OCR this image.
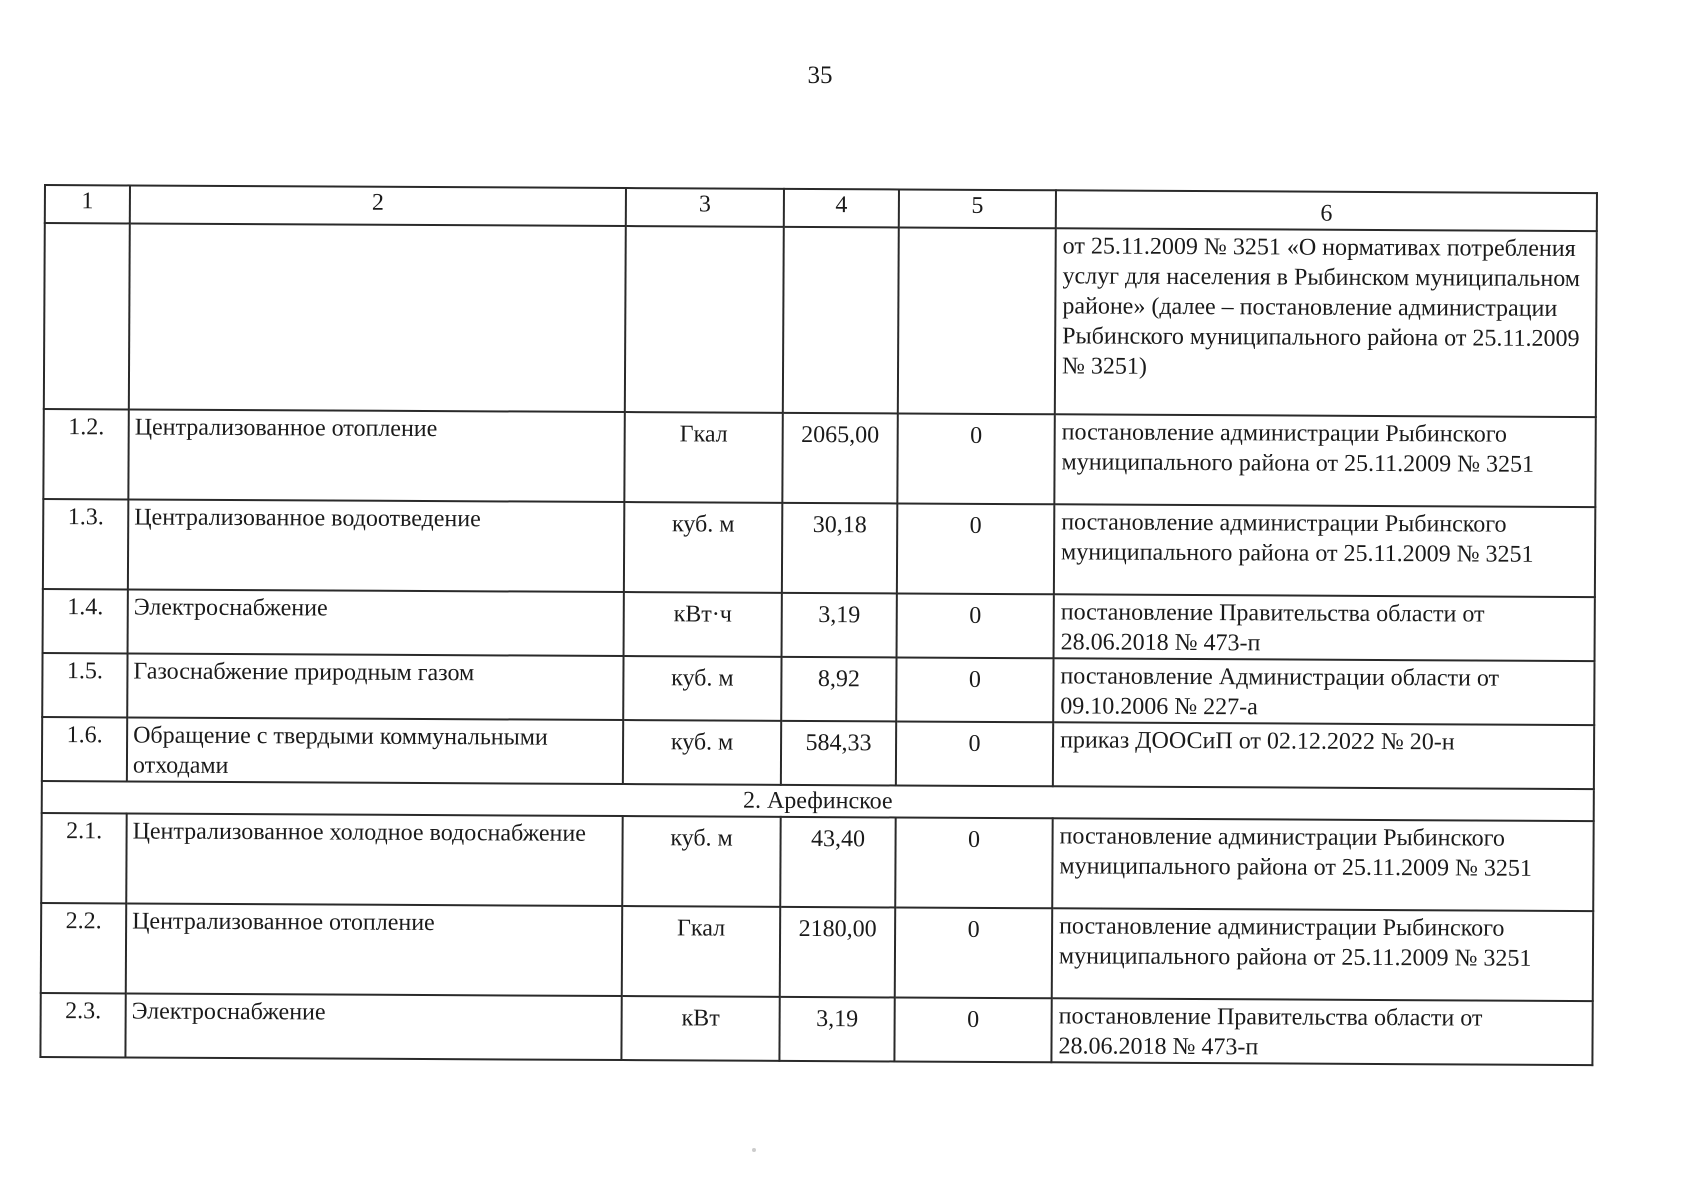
35
1	2	3	4	5	6
					от 25.11.2009 № 3251 «О нормативах потребления услуг для населения в Рыбинском муниципальном районе» (далее – постановление администрации Рыбинского муниципального района от 25.11.2009 № 3251)
1.2.	Централизованное отопление	Гкал	2065,00	0	постановление администрации Рыбинского муниципального района от 25.11.2009 № 3251
1.3.	Централизованное водоотведение	куб. м	30,18	0	постановление администрации Рыбинского муниципального района от 25.11.2009 № 3251
1.4.	Электроснабжение	кВт·ч	3,19	0	постановление Правительства области от 28.06.2018 № 473-п
1.5.	Газоснабжение природным газом	куб. м	8,92	0	постановление Администрации области от 09.10.2006 № 227-а
1.6.	Обращение с твердыми коммунальными отходами	куб. м	584,33	0	приказ ДООСиП от 02.12.2022 № 20-н
2. Арефинское					
2.1.	Централизованное холодное водоснабжение	куб. м	43,40	0	постановление администрации Рыбинского муниципального района от 25.11.2009 № 3251
2.2.	Централизованное отопление	Гкал	2180,00	0	постановление администрации Рыбинского муниципального района от 25.11.2009 № 3251
2.3.	Электроснабжение	кВт	3,19	0	постановление Правительства области от 28.06.2018 № 473-п
